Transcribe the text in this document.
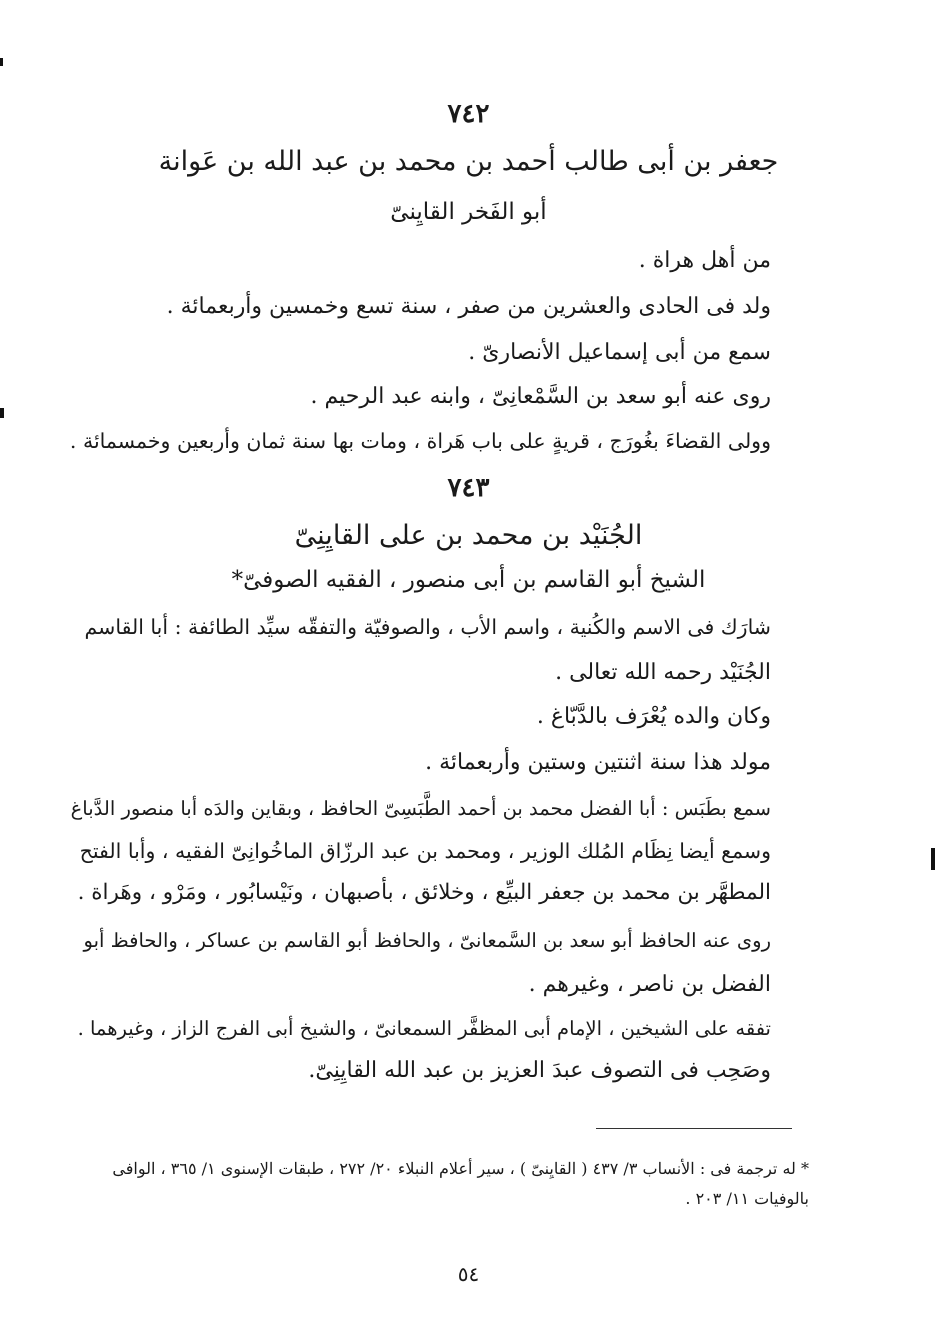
٧٤٢
جعفر بن أبى طالب أحمد بن محمد بن عبد الله بن عَوانة
أبو الفَخر القايِنىّ
من أهل هراة .
ولد فى الحادى والعشرين من صفر ، سنة تسع وخمسين وأربعمائة .
سمع من أبى إسماعيل الأنصارىّ .
روى عنه أبو سعد بن السَّمْعانِىّ ، وابنه عبد الرحيم .
وولى القضاءَ بغُورَج ، قريةٍ على باب هَراة ، ومات بها سنة ثمان وأربعين وخمسمائة .
٧٤٣
الجُنَيْد بن محمد بن على القايِنِىّ
الشيخ أبو القاسم بن أبى منصور ، الفقيه الصوفىّ*
شارَك فى الاسم والكُنية ، واسم الأب ، والصوفيّة والتفقّه سيِّد الطائفة : أبا القاسم
الجُنَيْد رحمه الله تعالى .
وكان والده يُعْرَف بالدَّبّاغ .
مولد هذا سنة اثنتين وستين وأربعمائة .
سمع بطَبَس : أبا الفضل محمد بن أحمد الطَّبَسِىّ الحافظ ، وبقاين والدَه أبا منصور الدَّباغ
وسمع أيضا نِظَام المُلك الوزير ، ومحمد بن عبد الرزّاق الماخُوانِىّ الفقيه ، وأبا الفتح
المطهَّر بن محمد بن جعفر البيِّع ، وخلائق ، بأصبهان ، ونَيْسابُور ، ومَرْو ، وهَراة .
روى عنه الحافظ أبو سعد بن السَّمعانىّ ، والحافظ أبو القاسم بن عساكر ، والحافظ أبو
الفضل بن ناصر ، وغيرهم .
تفقه على الشيخين ، الإمام أبى المظفَّر السمعانىّ ، والشيخ أبى الفرج الزاز ، وغيرهما .
وصَحِب فى التصوف عبدَ العزيز بن عبد الله القايِنِىّ.
* له ترجمة فى : الأنساب ٣/ ٤٣٧ ( القايِنىّ ) ، سير أعلام النبلاء ٢٠/ ٢٧٢ ، طبقات الإسنوى ١/ ٣٦٥ ، الوافى
بالوفيات ١١/ ٢٠٣ .
٥٤
